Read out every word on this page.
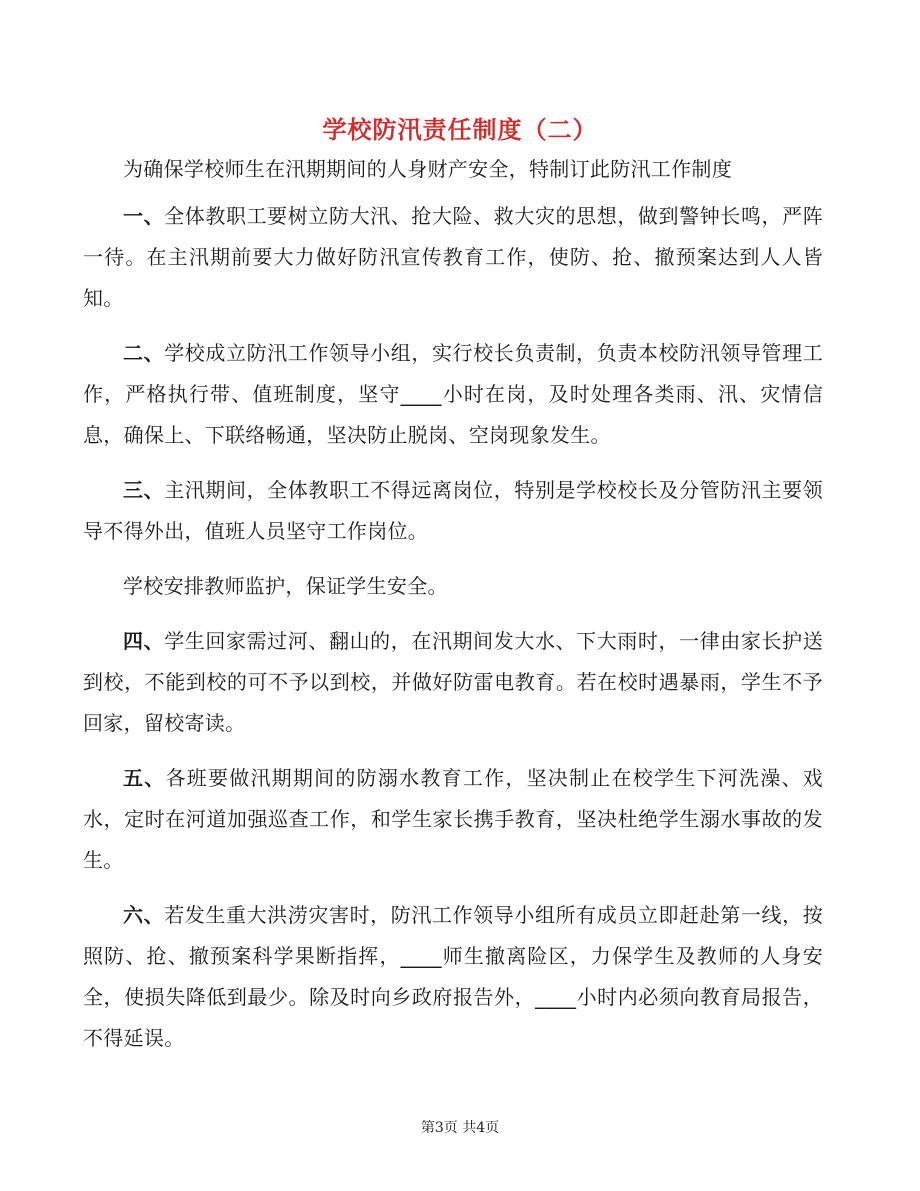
学校防汛责任制度（二）

为确保学校师生在汛期期间的人身财产安全，特制订此防汛工作制度

一、全体教职工要树立防大汛、抢大险、救大灾的思想，做到警钟长鸣，严阵一待。在主汛期前要大力做好防汛宣传教育工作，使防、抢、撤预案达到人人皆知。

二、学校成立防汛工作领导小组，实行校长负责制，负责本校防汛领导管理工作，严格执行带、值班制度，坚守____小时在岗，及时处理各类雨、汛、灾情信息，确保上、下联络畅通，坚决防止脱岗、空岗现象发生。

三、主汛期间，全体教职工不得远离岗位，特别是学校校长及分管防汛主要领导不得外出，值班人员坚守工作岗位。

学校安排教师监护，保证学生安全。

四、学生回家需过河、翻山的，在汛期间发大水、下大雨时，一律由家长护送到校，不能到校的可不予以到校，并做好防雷电教育。若在校时遇暴雨，学生不予回家，留校寄读。

五、各班要做汛期期间的防溺水教育工作，坚决制止在校学生下河洗澡、戏水，定时在河道加强巡查工作，和学生家长携手教育，坚决杜绝学生溺水事故的发生。

六、若发生重大洪涝灾害时，防汛工作领导小组所有成员立即赶赴第一线，按照防、抢、撤预案科学果断指挥，____师生撤离险区，力保学生及教师的人身安全，使损失降低到最少。除及时向乡政府报告外，____小时内必须向教育局报告，不得延误。

第3页 共4页
